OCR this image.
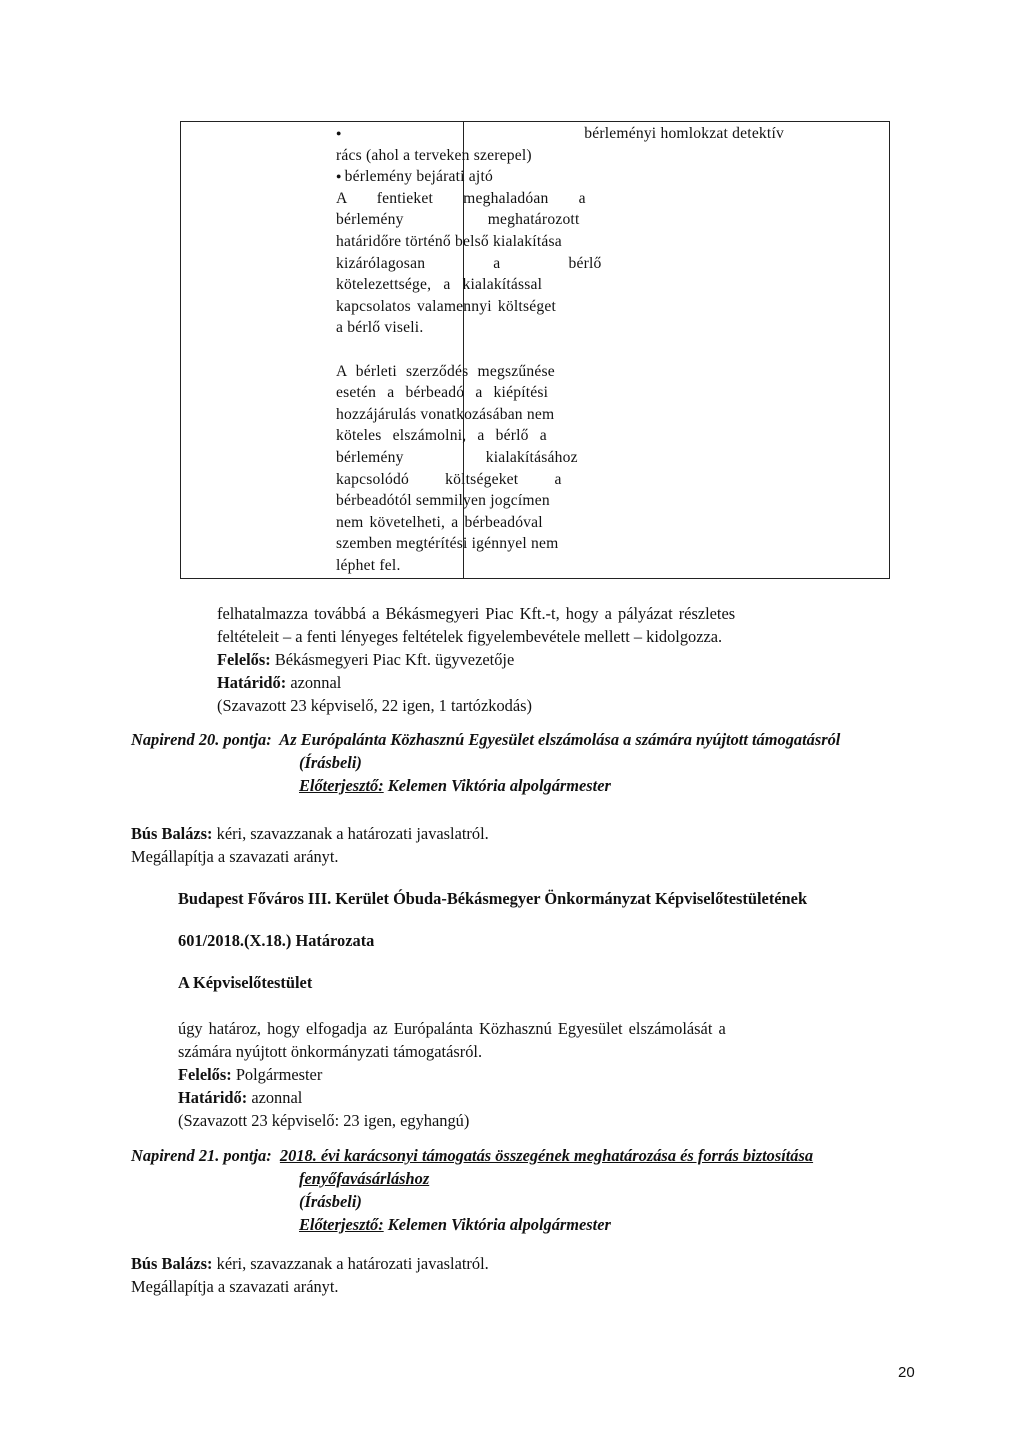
● bérleményi homlokzat detektív
rács (ahol a terveken szerepel)
● bérlemény bejárati ajtó
A fentieket meghaladóan a
bérlemény meghatározott
határidőre történő belső kialakítása
kizárólagosan a bérlő
kötelezettsége, a kialakítással
kapcsolatos valamennyi költséget
a bérlő viseli.
A bérleti szerződés megszűnése
esetén a bérbeadó a kiépítési
hozzájárulás vonatkozásában nem
köteles elszámolni, a bérlő a
bérlemény kialakításához
kapcsolódó költségeket a
bérbeadótól semmilyen jogcímen
nem követelheti, a bérbeadóval
szemben megtérítési igénnyel nem
léphet fel.
felhatalmazza továbbá a Békásmegyeri Piac Kft.-t, hogy a pályázat részletes
feltételeit – a fenti lényeges feltételek figyelembevétele mellett – kidolgozza.
Felelős: Békásmegyeri Piac Kft. ügyvezetője
Határidő: azonnal
(Szavazott 23 képviselő, 22 igen, 1 tartózkodás)
Napirend 20. pontja: Az Európalánta Közhasznú Egyesület elszámolása a számára nyújtott támogatásról
(Írásbeli)
Előterjesztő: Kelemen Viktória alpolgármester
Bús Balázs: kéri, szavazzanak a határozati javaslatról.
Megállapítja a szavazati arányt.
Budapest Főváros III. Kerület Óbuda-Békásmegyer Önkormányzat Képviselőtestületének
601/2018.(X.18.) Határozata
A Képviselőtestület
úgy határoz, hogy elfogadja az Európalánta Közhasznú Egyesület elszámolását a
számára nyújtott önkormányzati támogatásról.
Felelős: Polgármester
Határidő: azonnal
(Szavazott 23 képviselő: 23 igen, egyhangú)
Napirend 21. pontja: 2018. évi karácsonyi támogatás összegének meghatározása és forrás biztosítása
fenyőfavásárláshoz
(Írásbeli)
Előterjesztő: Kelemen Viktória alpolgármester
Bús Balázs: kéri, szavazzanak a határozati javaslatról.
Megállapítja a szavazati arányt.
20
